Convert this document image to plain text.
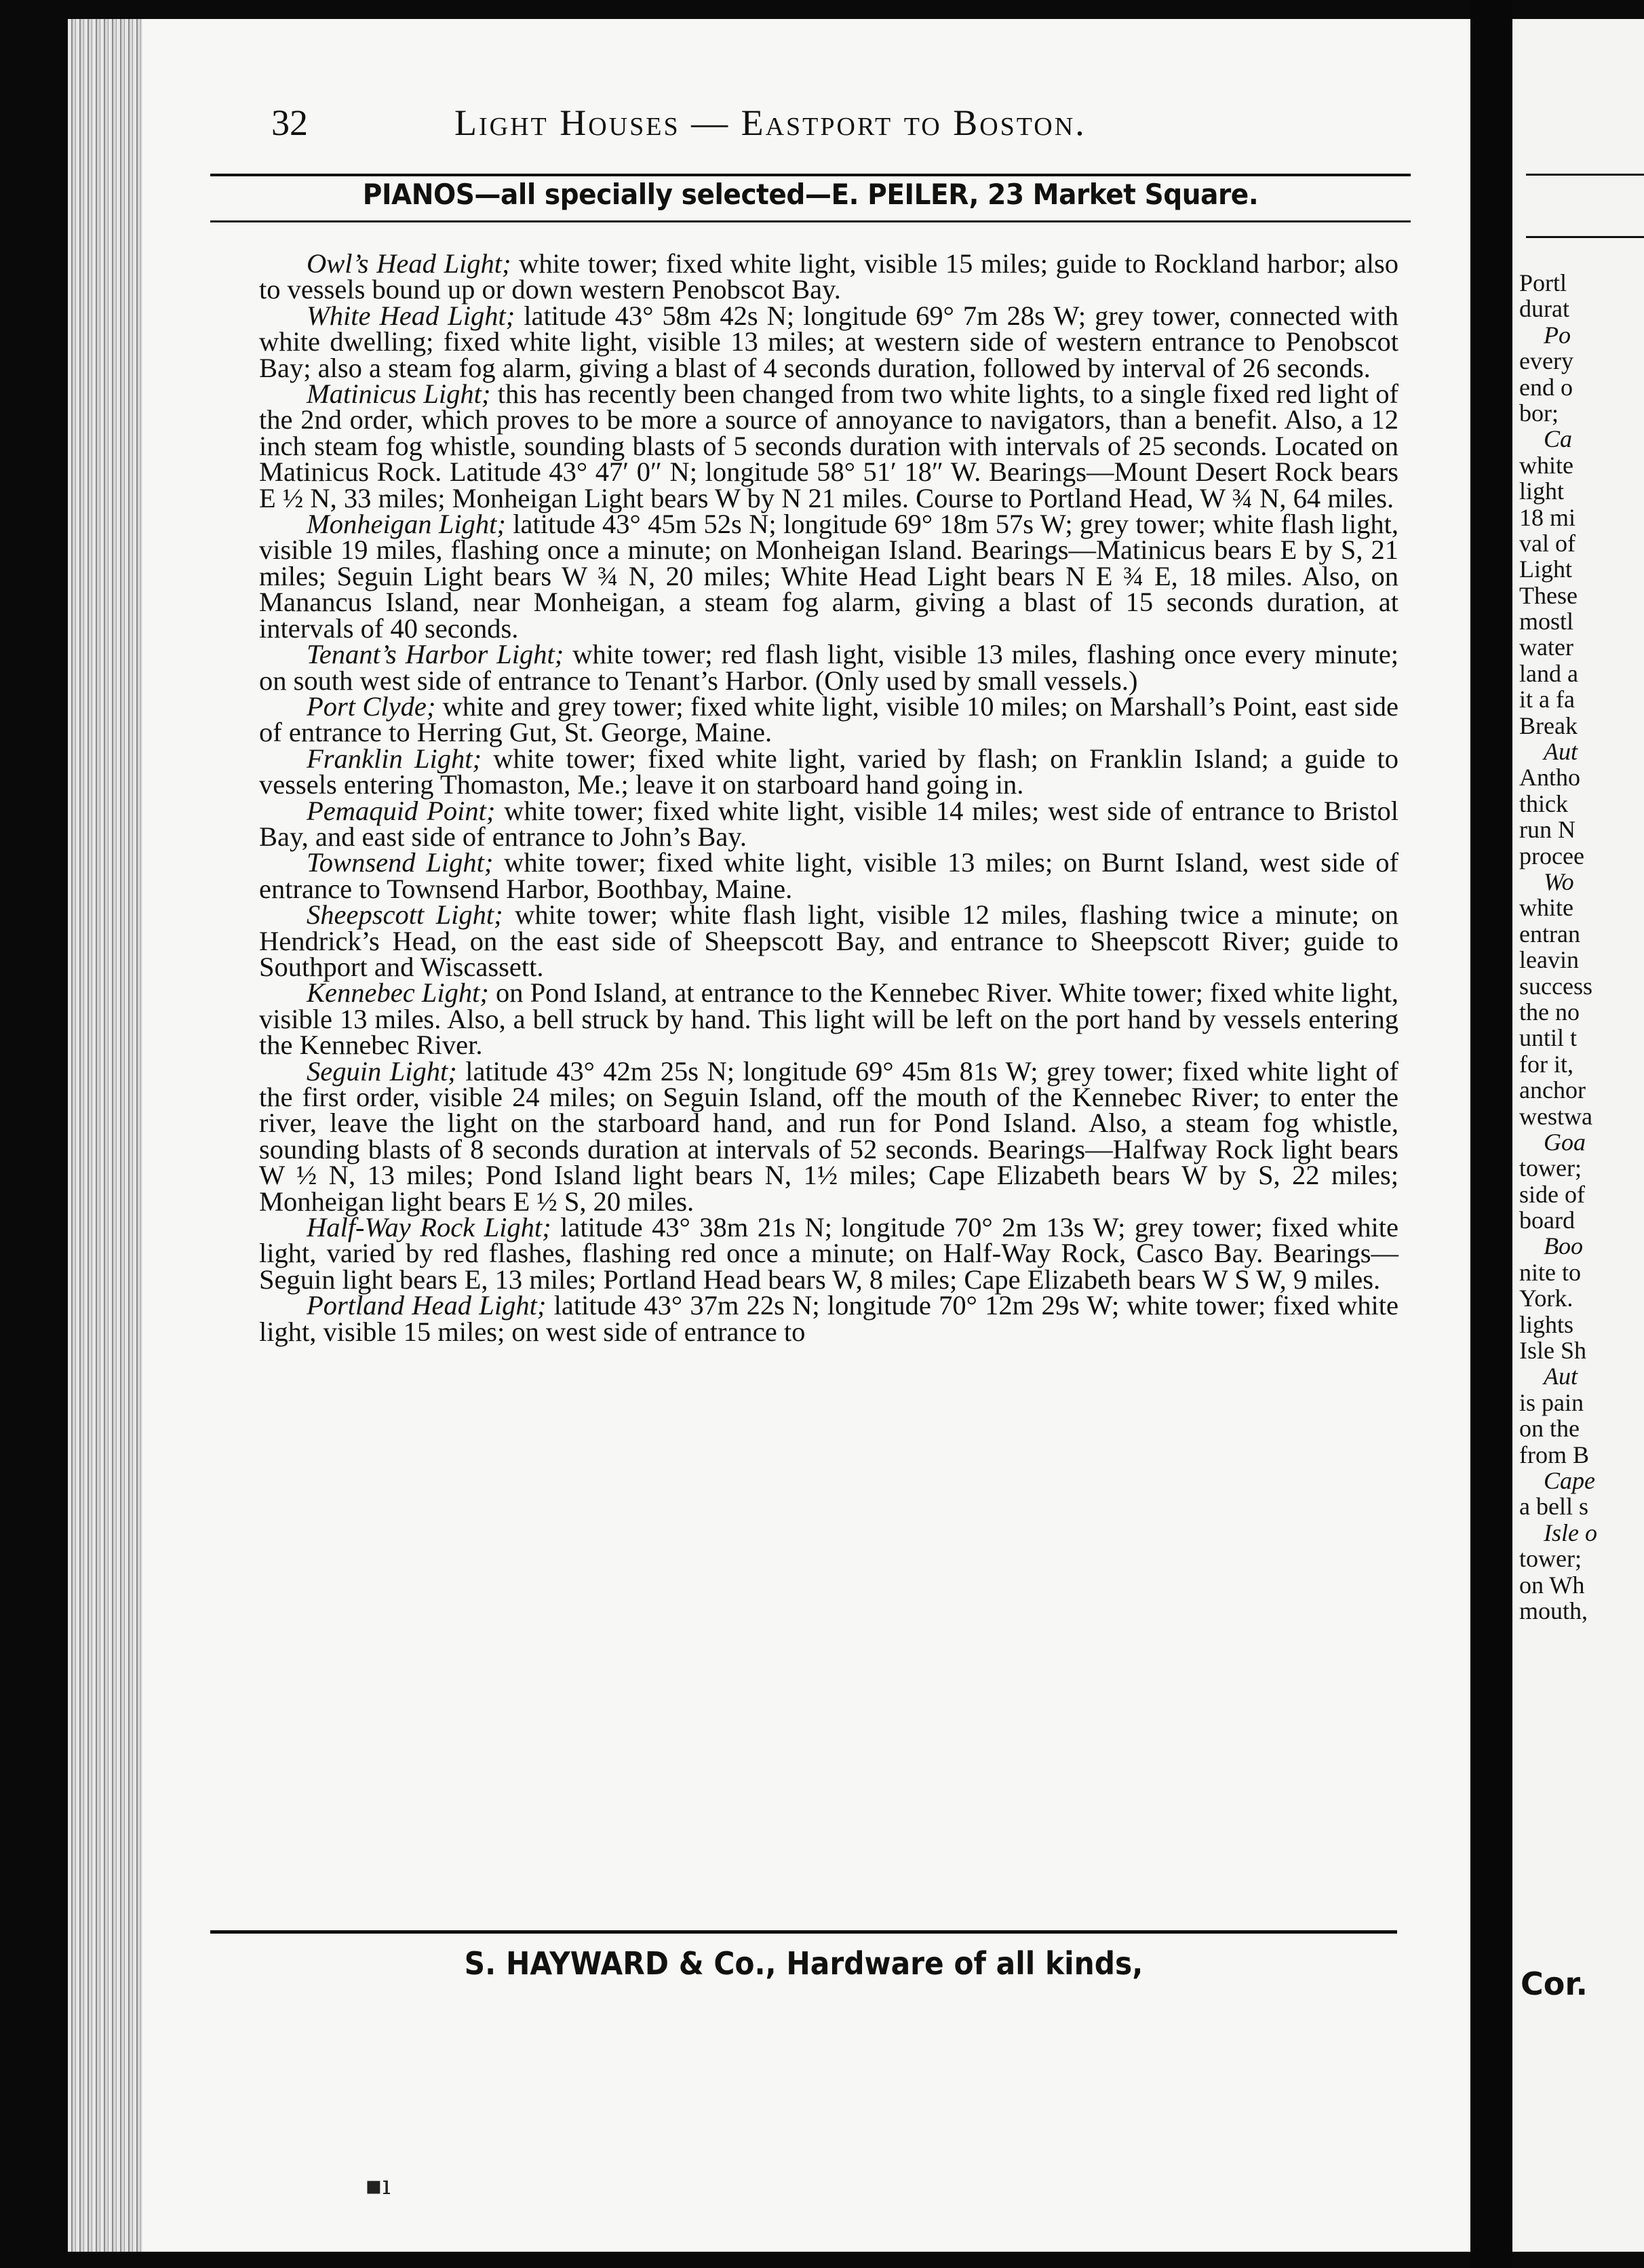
32	Light Houses — Eastport to Boston.
PIANOS—all specially selected—E. PEILER, 23 Market Square.

Owl’s Head Light; white tower; fixed white light, visible 15 miles; guide to Rockland harbor; also to vessels bound up or down western Penobscot Bay.

White Head Light; latitude 43° 58m 42s N; longitude 69° 7m 28s W; grey tower, connected with white dwelling; fixed white light, visible 13 miles; at western side of western entrance to Penobscot Bay; also a steam fog alarm, giving a blast of 4 seconds duration, followed by interval of 26 seconds.

Matinicus Light; this has recently been changed from two white lights, to a single fixed red light of the 2nd order, which proves to be more a source of annoyance to navigators, than a benefit. Also, a 12 inch steam fog whistle, sounding blasts of 5 seconds duration with intervals of 25 seconds. Located on Matinicus Rock. Latitude 43° 47′ 0″ N; longitude 58° 51′ 18″ W. Bearings—Mount Desert Rock bears E ½ N, 33 miles; Monheigan Light bears W by N 21 miles. Course to Portland Head, W ¾ N, 64 miles.

Monheigan Light; latitude 43° 45m 52s N; longitude 69° 18m 57s W; grey tower; white flash light, visible 19 miles, flashing once a minute; on Monheigan Island. Bearings—Matinicus bears E by S, 21 miles; Seguin Light bears W ¾ N, 20 miles; White Head Light bears N E ¾ E, 18 miles. Also, on Manancus Island, near Monheigan, a steam fog alarm, giving a blast of 15 seconds duration, at intervals of 40 seconds.

Tenant’s Harbor Light; white tower; red flash light, visible 13 miles, flashing once every minute; on south west side of entrance to Tenant’s Harbor. (Only used by small vessels.)

Port Clyde; white and grey tower; fixed white light, visible 10 miles; on Marshall’s Point, east side of entrance to Herring Gut, St. George, Maine.

Franklin Light; white tower; fixed white light, varied by flash; on Franklin Island; a guide to vessels entering Thomaston, Me.; leave it on starboard hand going in.

Pemaquid Point; white tower; fixed white light, visible 14 miles; west side of entrance to Bristol Bay, and east side of entrance to John’s Bay.

Townsend Light; white tower; fixed white light, visible 13 miles; on Burnt Island, west side of entrance to Townsend Harbor, Boothbay, Maine.

Sheepscott Light; white tower; white flash light, visible 12 miles, flashing twice a minute; on Hendrick’s Head, on the east side of Sheepscott Bay, and entrance to Sheepscott River; guide to Southport and Wiscassett.

Kennebec Light; on Pond Island, at entrance to the Kennebec River. White tower; fixed white light, visible 13 miles. Also, a bell struck by hand. This light will be left on the port hand by vessels entering the Kennebec River.

Seguin Light; latitude 43° 42m 25s N; longitude 69° 45m 81s W; grey tower; fixed white light of the first order, visible 24 miles; on Seguin Island, off the mouth of the Kennebec River; to enter the river, leave the light on the starboard hand, and run for Pond Island. Also, a steam fog whistle, sounding blasts of 8 seconds duration at intervals of 52 seconds. Bearings—Halfway Rock light bears W ½ N, 13 miles; Pond Island light bears N, 1½ miles; Cape Elizabeth bears W by S, 22 miles; Monheigan light bears E ½ S, 20 miles.

Half-Way Rock Light; latitude 43° 38m 21s N; longitude 70° 2m 13s W; grey tower; fixed white light, varied by red flashes, flashing red once a minute; on Half-Way Rock, Casco Bay. Bearings—Seguin light bears E, 13 miles; Portland Head bears W, 8 miles; Cape Elizabeth bears W S W, 9 miles.

Portland Head Light; latitude 43° 37m 22s N; longitude 70° 12m 29s W; white tower; fixed white light, visible 15 miles; on west side of entrance to

S. HAYWARD & Co., Hardware of all kinds,
▪ı
Portl
durat
Po
every
end o
bor;
Ca
white
light
18 mi
val of
Light
These
mostl
water
land a
it a fa
Break
Aut
Antho
thick
run N
procee
Wo
white
entran
leavin
success
the no
until t
for it,
anchor
westwa
Goa
tower;
side of
board
Boo
nite to
York.
lights
Isle Sh
Aut
is pain
on the
from B
Cape
a bell s
Isle o
tower;
on Wh
mouth,
Cor.
